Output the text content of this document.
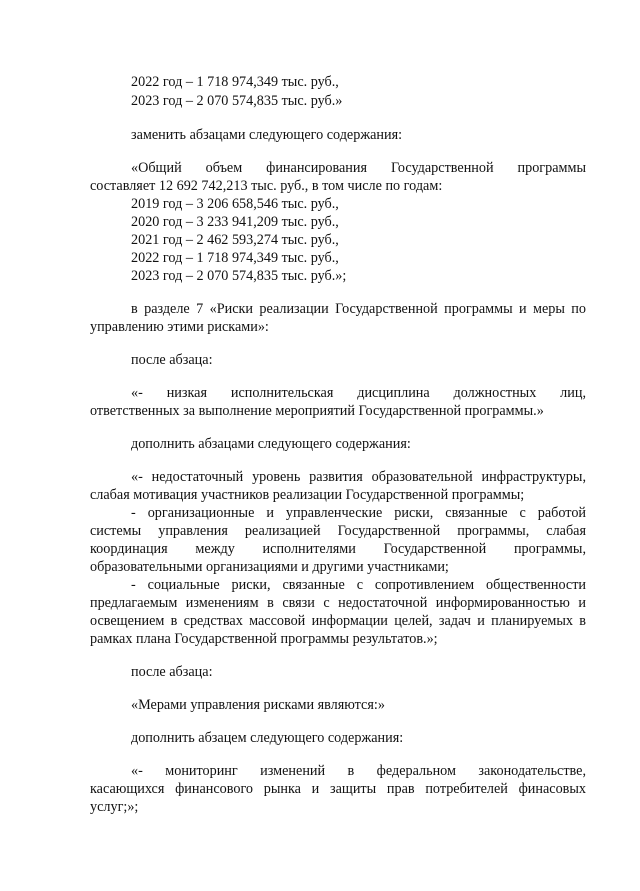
2022 год – 1 718 974,349 тыс. руб.,
2023 год – 2 070 574,835 тыс. руб.»
заменить абзацами следующего содержания:
«Общий объем финансирования Государственной программы
составляет 12 692 742,213 тыс. руб., в том числе по годам:
2019 год – 3 206 658,546 тыс. руб.,
2020 год – 3 233 941,209 тыс. руб.,
2021 год – 2 462 593,274 тыс. руб.,
2022 год – 1 718 974,349 тыс. руб.,
2023 год – 2 070 574,835 тыс. руб.»;
в разделе 7 «Риски реализации Государственной программы и меры по
управлению этими рисками»:
после абзаца:
«- низкая исполнительская дисциплина должностных лиц,
ответственных за выполнение мероприятий Государственной программы.»
дополнить абзацами следующего содержания:
«- недостаточный уровень развития образовательной инфраструктуры,
слабая мотивация участников реализации Государственной программы;
- организационные и управленческие риски, связанные с работой
системы управления реализацией Государственной программы, слабая
координация между исполнителями Государственной программы,
образовательными организациями и другими участниками;
- социальные риски, связанные с сопротивлением общественности
предлагаемым изменениям в связи с недостаточной информированностью и
освещением в средствах массовой информации целей, задач и планируемых в
рамках плана Государственной программы результатов.»;
после абзаца:
«Мерами управления рисками являются:»
дополнить абзацем следующего содержания:
«- мониторинг изменений в федеральном законодательстве,
касающихся финансового рынка и защиты прав потребителей финасовых
услуг;»;
